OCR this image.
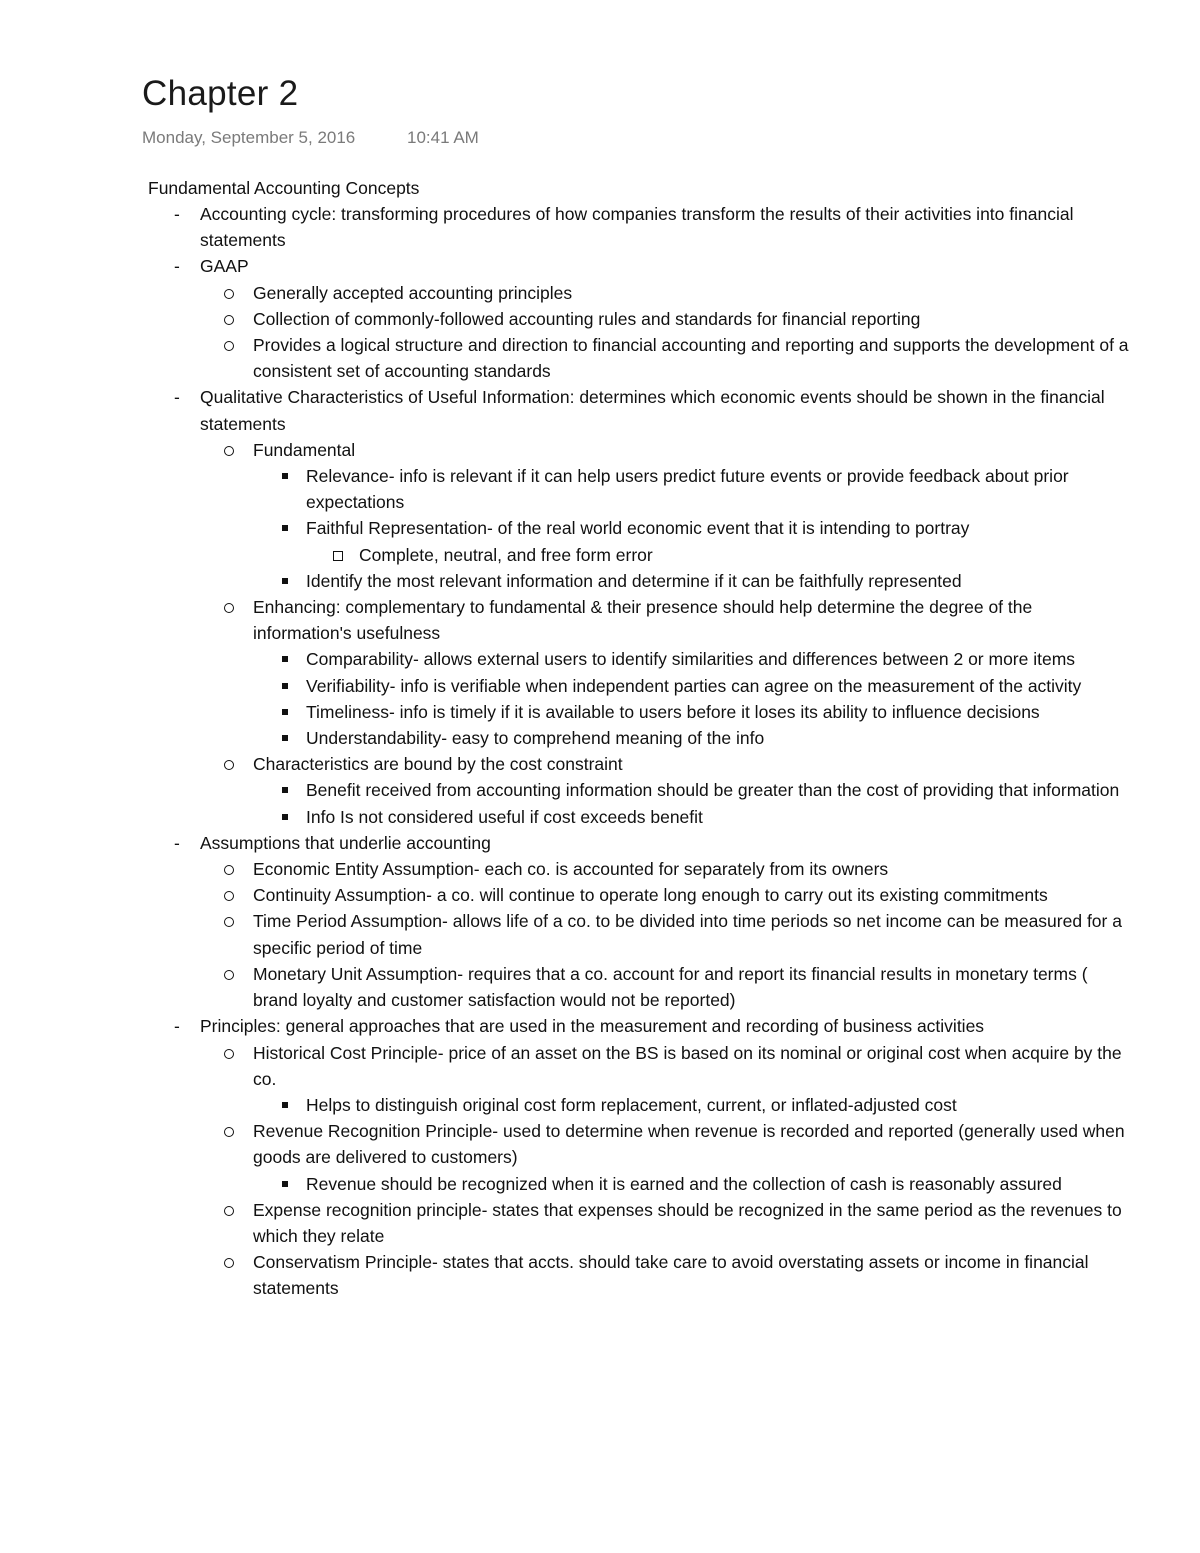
Chapter 2
Monday, September 5, 2016	10:41 AM
Fundamental Accounting Concepts
- Accounting cycle: transforming procedures of how companies transform the results of their activities into financial statements
- GAAP
Generally accepted accounting principles
Collection of commonly-followed accounting rules and standards for financial reporting
Provides a logical structure and direction to financial accounting and reporting and supports the development of a consistent set of accounting standards
- Qualitative Characteristics of Useful Information: determines which economic events should be shown in the financial statements
Fundamental
Relevance- info is relevant if it can help users predict future events or provide feedback about prior expectations
Faithful Representation- of the real world economic event that it is intending to portray
Complete, neutral, and free form error
Identify the most relevant information and determine if it can be faithfully represented
Enhancing: complementary to fundamental & their presence should help determine the degree of the information's usefulness
Comparability- allows external users to identify similarities and differences between 2 or more items
Verifiability- info is verifiable when independent parties can agree on the measurement of the activity
Timeliness- info is timely if it is available to users before it loses its ability to influence decisions
Understandability- easy to comprehend meaning of the info
Characteristics are bound by the cost constraint
Benefit received from accounting information should be greater than the cost of providing that information
Info Is not considered useful if cost exceeds benefit
- Assumptions that underlie accounting
Economic Entity Assumption- each co. is accounted for separately from its owners
Continuity Assumption- a co. will continue to operate long enough to carry out its existing commitments
Time Period Assumption- allows life of a co. to be divided into time periods so net income can be measured for a specific period of time
Monetary Unit Assumption- requires that a co. account for and report its financial results in monetary terms ( brand loyalty and customer satisfaction would not be reported)
- Principles: general approaches that are used in the measurement and recording of business activities
Historical Cost Principle- price of an asset on the BS is based on its nominal or original cost when acquire by the co.
Helps to distinguish original cost form replacement, current, or inflated-adjusted cost
Revenue Recognition Principle- used to determine when revenue is recorded and reported (generally used when goods are delivered to customers)
Revenue should be recognized when it is earned and the collection of cash is reasonably assured
Expense recognition principle- states that expenses should be recognized in the same period as the revenues to which they relate
Conservatism Principle- states that accts. should take care to avoid overstating assets or income in financial statements
